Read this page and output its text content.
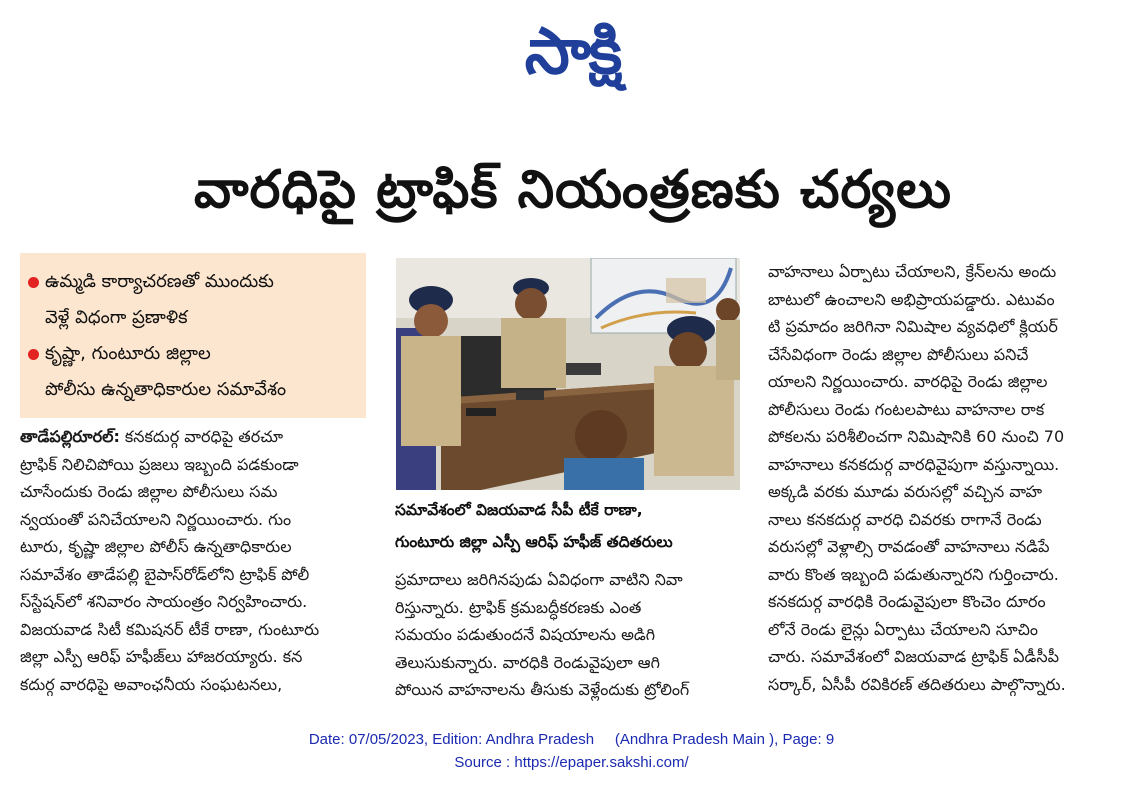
సాక్షి
వారధిపై ట్రాఫిక్ నియంత్రణకు చర్యలు
ఉమ్మడి కార్యాచరణతో ముందుకు
వెళ్లే విధంగా ప్రణాళిక
కృష్ణా, గుంటూరు జిల్లాల
పోలీసు ఉన్నతాధికారుల సమావేశం

తాడేపల్లిరూరల్: కనకదుర్గ వారధిపై తరచూ

ట్రాఫిక్ నిలిచిపోయి ప్రజలు ఇబ్బంది పడకుండా

చూసేందుకు రెండు జిల్లాల పోలీసులు సమ

న్వయంతో పనిచేయాలని నిర్ణయించారు. గుం

టూరు, కృష్ణా జిల్లాల పోలీస్ ఉన్నతాధికారుల

సమావేశం తాడేపల్లి బైపాస్‌రోడ్‌లోని ట్రాఫిక్ పోలీ

స్‌స్టేషన్‌లో శనివారం సాయంత్రం నిర్వహించారు.

విజయవాడ సిటీ కమిషనర్ టీకే రాణా, గుంటూరు

జిల్లా ఎస్పీ ఆరిఫ్ హఫీజ్‌లు హాజరయ్యారు. కన

కదుర్గ వారధిపై అవాంఛనీయ సంఘటనలు,

సమావేశంలో విజయవాడ సీపీ టీకే రాణా,
గుంటూరు జిల్లా ఎస్పీ ఆరిఫ్ హఫీజ్ తదితరులు

ప్రమాదాలు జరిగినపుడు ఏవిధంగా వాటిని నివా

రిస్తున్నారు. ట్రాఫిక్ క్రమబద్ధీకరణకు ఎంత

సమయం పడుతుందనే విషయాలను అడిగి

తెలుసుకున్నారు. వారధికి రెండువైపులా ఆగి

పోయిన వాహనాలను తీసుకు వెళ్లేందుకు ట్రోలింగ్

వాహనాలు ఏర్పాటు చేయాలని, క్రేన్‌లను అందు

బాటులో ఉంచాలని అభిప్రాయపడ్డారు. ఎటువం

టి ప్రమాదం జరిగినా నిమిషాల వ్యవధిలో క్లియర్

చేసేవిధంగా రెండు జిల్లాల పోలీసులు పనిచే

యాలని నిర్ణయించారు. వారధిపై రెండు జిల్లాల

పోలీసులు రెండు గంటలపాటు వాహనాల రాక

పోకలను పరిశీలించగా నిమిషానికి 60 నుంచి 70

వాహనాలు కనకదుర్గ వారధివైపుగా వస్తున్నాయి.

అక్కడి వరకు మూడు వరుసల్లో వచ్చిన వాహ

నాలు కనకదుర్గ వారధి చివరకు రాగానే రెండు

వరుసల్లో వెళ్లాల్సి రావడంతో వాహనాలు నడిపే

వారు కొంత ఇబ్బంది పడుతున్నారని గుర్తించారు.

కనకదుర్గ వారధికి రెండువైపులా కొంచెం దూరం

లోనే రెండు లైన్లు ఏర్పాటు చేయాలని సూచిం

చారు. సమావేశంలో విజయవాడ ట్రాఫిక్ ఏడీసీపీ

సర్కార్, ఏసీపీ రవికిరణ్ తదితరులు పాల్గొన్నారు.

Date: 07/05/2023, Edition: Andhra Pradesh     (Andhra Pradesh Main ), Page: 9
Source : https://epaper.sakshi.com/
